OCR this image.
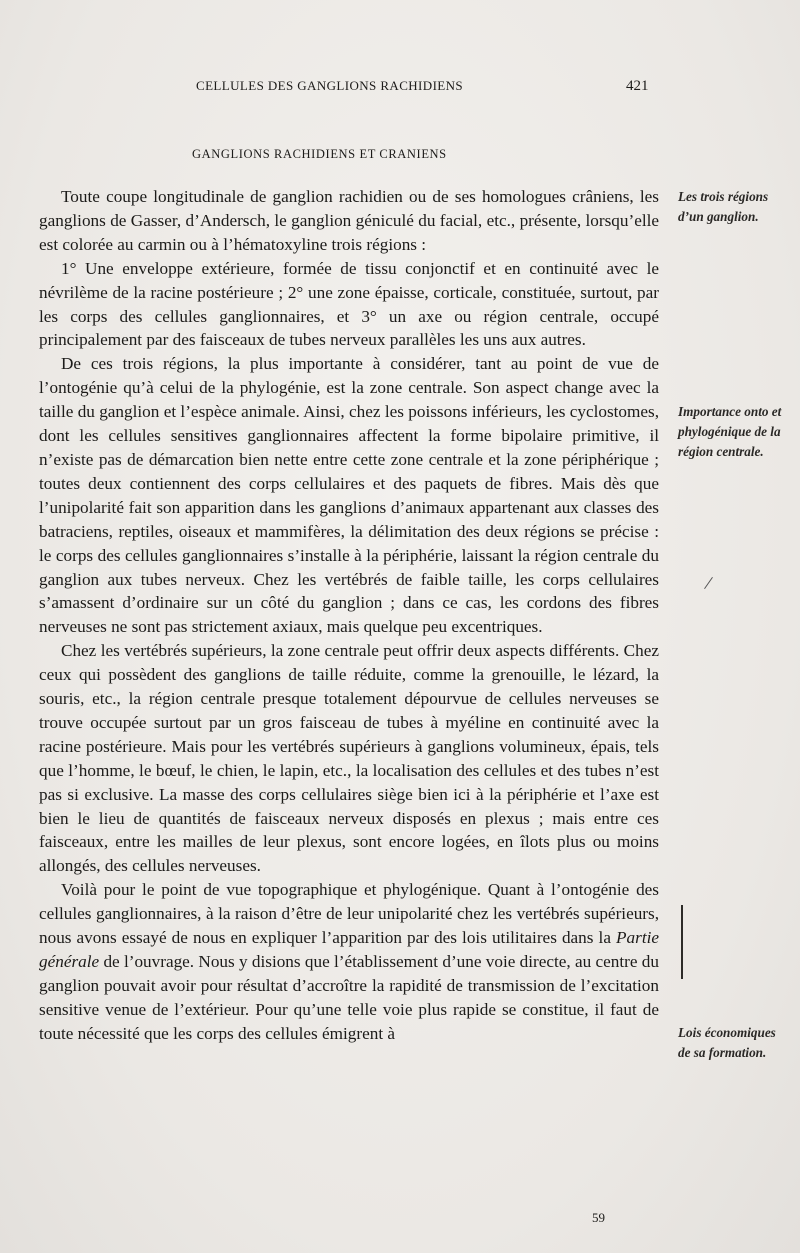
CELLULES DES GANGLIONS RACHIDIENS	421
GANGLIONS RACHIDIENS ET CRANIENS

Toute coupe longitudinale de ganglion rachidien ou de ses homologues crâniens, les ganglions de Gasser, d’Andersch, le ganglion géniculé du facial, etc., présente, lorsqu’elle est colorée au carmin ou à l’hématoxyline trois régions :

1° Une enveloppe extérieure, formée de tissu conjonctif et en continuité avec le névrilème de la racine postérieure ; 2° une zone épaisse, corticale, constituée, surtout, par les corps des cellules ganglionnaires, et 3° un axe ou région centrale, occupé principalement par des faisceaux de tubes nerveux parallèles les uns aux autres.

De ces trois régions, la plus importante à considérer, tant au point de vue de l’ontogénie qu’à celui de la phylogénie, est la zone centrale. Son aspect change avec la taille du ganglion et l’espèce animale. Ainsi, chez les poissons inférieurs, les cyclostomes, dont les cellules sensitives ganglionnaires affectent la forme bipolaire primitive, il n’existe pas de démarcation bien nette entre cette zone centrale et la zone périphérique ; toutes deux contiennent des corps cellulaires et des paquets de fibres. Mais dès que l’unipolarité fait son apparition dans les ganglions d’animaux appartenant aux classes des batraciens, reptiles, oiseaux et mammifères, la délimitation des deux régions se précise : le corps des cellules ganglionnaires s’installe à la périphérie, laissant la région centrale du ganglion aux tubes nerveux. Chez les vertébrés de faible taille, les corps cellulaires s’amassent d’ordinaire sur un côté du ganglion ; dans ce cas, les cordons des fibres nerveuses ne sont pas strictement axiaux, mais quelque peu excentriques.

Chez les vertébrés supérieurs, la zone centrale peut offrir deux aspects différents. Chez ceux qui possèdent des ganglions de taille réduite, comme la grenouille, le lézard, la souris, etc., la région centrale presque totalement dépourvue de cellules nerveuses se trouve occupée surtout par un gros faisceau de tubes à myéline en continuité avec la racine postérieure. Mais pour les vertébrés supérieurs à ganglions volumineux, épais, tels que l’homme, le bœuf, le chien, le lapin, etc., la localisation des cellules et des tubes n’est pas si exclusive. La masse des corps cellulaires siège bien ici à la périphérie et l’axe est bien le lieu de quantités de faisceaux nerveux disposés en plexus ; mais entre ces faisceaux, entre les mailles de leur plexus, sont encore logées, en îlots plus ou moins allongés, des cellules nerveuses.

Voilà pour le point de vue topographique et phylogénique. Quant à l’ontogénie des cellules ganglionnaires, à la raison d’être de leur unipolarité chez les vertébrés supérieurs, nous avons essayé de nous en expliquer l’apparition par des lois utilitaires dans la Partie générale de l’ouvrage. Nous y disions que l’établissement d’une voie directe, au centre du ganglion pouvait avoir pour résultat d’accroître la rapidité de transmission de l’excitation sensitive venue de l’extérieur. Pour qu’une telle voie plus rapide se constitue, il faut de toute nécessité que les corps des cellules émigrent à

Les trois régions d’un ganglion.
Importance onto et phylogénique de la région centrale.
Lois économiques de sa formation.
59
